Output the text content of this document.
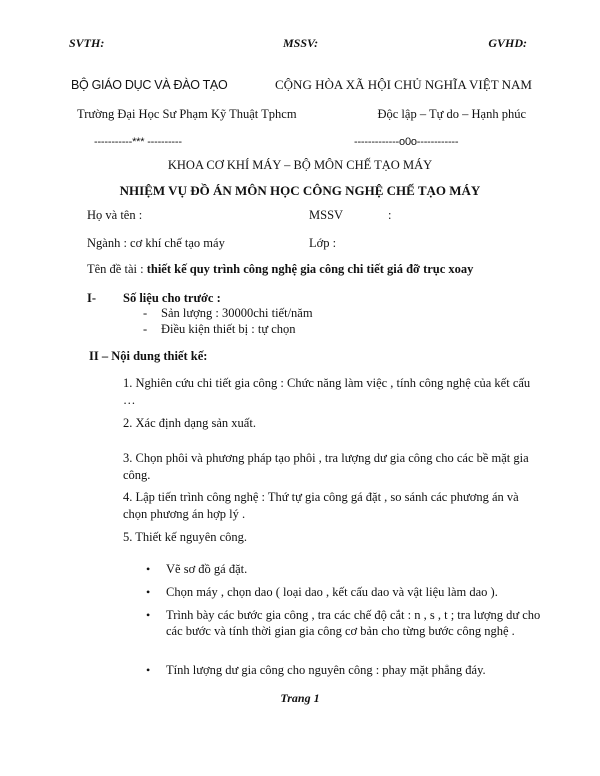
SVTH:	MSSV:	GVHD:
BỘ GIÁO DỤC VÀ ĐÀO TẠO	CỘNG HÒA XÃ HỘI CHỦ NGHĨA VIỆT NAM
Trường Đại Học Sư Phạm Kỹ Thuật Tphcm	Độc lập – Tự do – Hạnh phúc
-----------*** ----------	-------------o0o------------
KHOA CƠ KHÍ MÁY – BỘ MÔN CHẾ TẠO MÁY
NHIỆM VỤ ĐỒ ÁN MÔN HỌC CÔNG NGHỆ CHẾ TẠO MÁY
Họ và tên :	MSSV	:
Ngành : cơ khí chế tạo máy	Lớp :
Tên đề tài : thiết kế quy trình công nghệ gia công chi tiết giá đỡ trục xoay
I- Số liệu cho trước :
- Sản lượng : 30000chi tiết/năm
- Điều kiện thiết bị : tự chọn
II – Nội dung thiết kế:
1. Nghiên cứu chi tiết gia công : Chức năng làm việc , tính công nghệ của kết cấu …
2. Xác định dạng sản xuất.
3. Chọn phôi và phương pháp tạo phôi , tra lượng dư gia công cho các bề mặt gia công.
4. Lập tiến trình công nghệ : Thứ tự gia công gá đặt , so sánh các phương án và chọn phương án hợp lý .
5. Thiết kế nguyên công.
• Vẽ sơ đồ gá đặt.
• Chọn máy , chọn dao ( loại dao , kết cấu dao và vật liệu làm dao ).
• Trình bày các bước gia công , tra các chế độ cắt : n , s , t ; tra lượng dư cho các bước và tính thời gian gia công cơ bản cho từng bước công nghệ .
• Tính lượng dư gia công cho nguyên công : phay mặt phẳng đáy.
Trang 1
